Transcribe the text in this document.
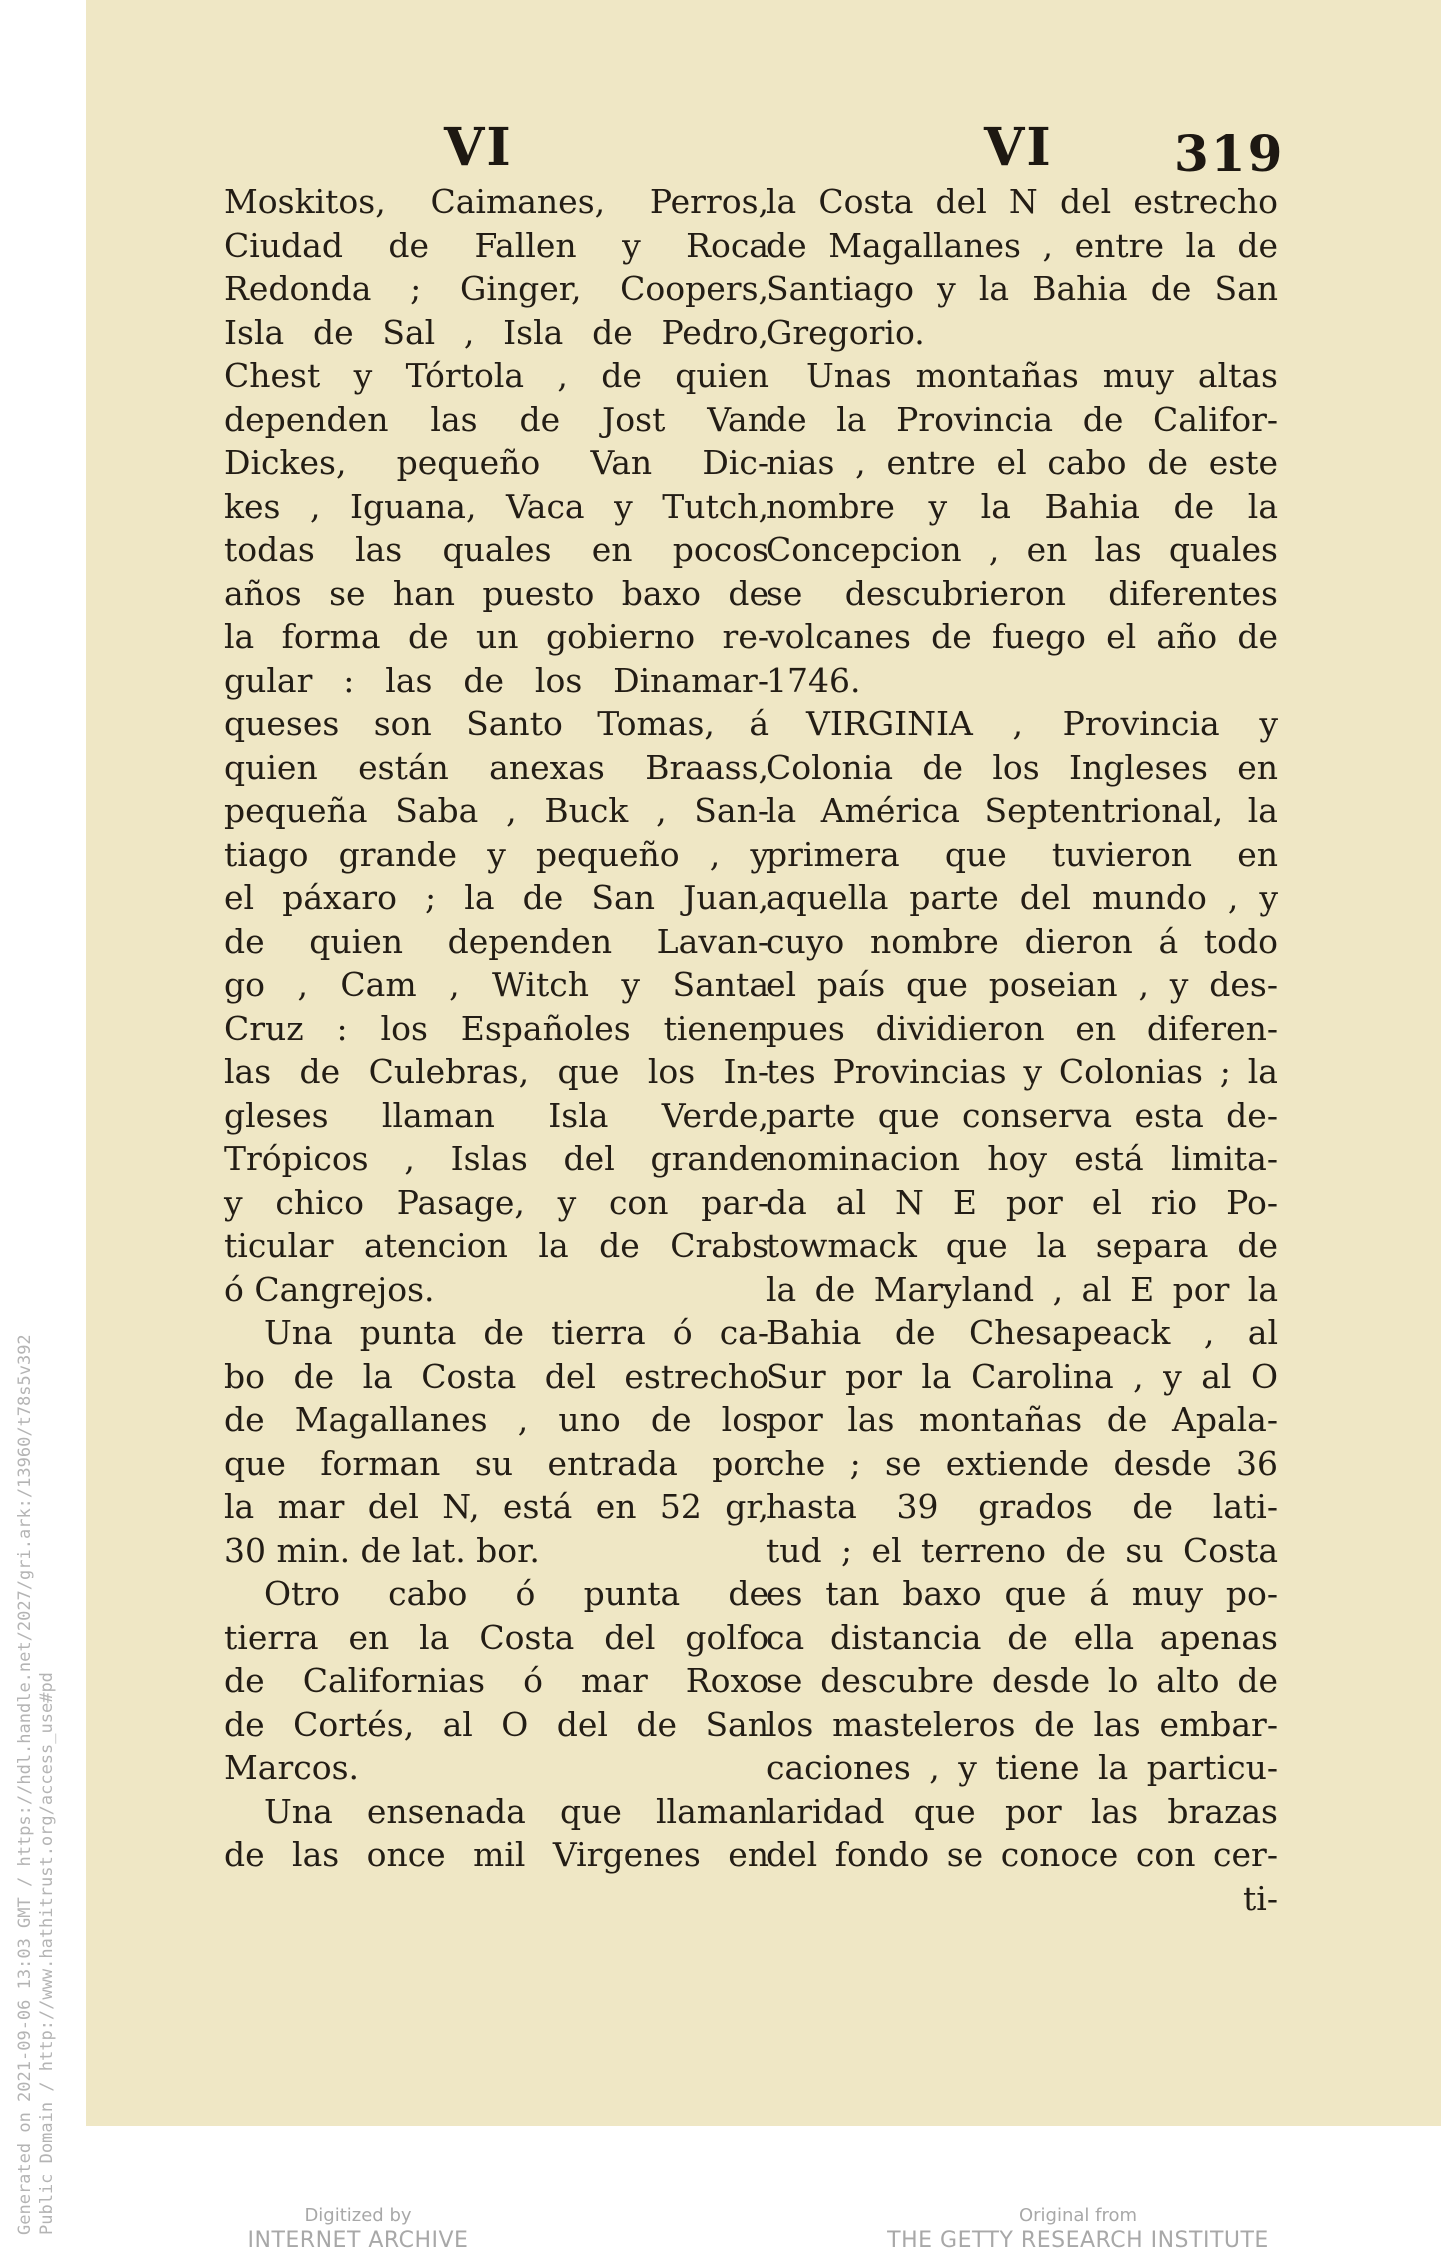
Generated on 2021-09-06 13:03 GMT / https://hdl.handle.net/2027/gri.ark:/13960/t78s5v392 Public Domain / http://www.hathitrust.org/access_use#pd
VI	VI 319
Moskitos, Caimanes, Perros,
Ciudad de Fallen y Roca
Redonda ; Ginger, Coopers,
Isla de Sal , Isla de Pedro,
Chest y Tórtola , de quien
dependen las de Jost Van
Dickes, pequeño Van Dic-
kes , Iguana, Vaca y Tutch,
todas las quales en pocos
años se han puesto baxo de
la forma de un gobierno re-
gular : las de los Dinamar-
queses son Santo Tomas, á
quien están anexas Braass,
pequeña Saba , Buck , San-
tiago grande y pequeño , y
el páxaro ; la de San Juan,
de quien dependen Lavan-
go , Cam , Witch y Santa
Cruz : los Españoles tienen
las de Culebras, que los In-
gleses llaman Isla Verde,
Trópicos , Islas del grande
y chico Pasage, y con par-
ticular atencion la de Crabs
ó Cangrejos.
Una punta de tierra ó ca-
bo de la Costa del estrecho
de Magallanes , uno de los
que forman su entrada por
la mar del N, está en 52 gr,
30 min. de lat. bor.
Otro cabo ó punta de
tierra en la Costa del golfo
de Californias ó mar Roxo
de Cortés, al O del de San
Marcos.
Una ensenada que llaman
de las once mil Virgenes en
la Costa del N del estrecho
de Magallanes , entre la de
Santiago y la Bahia de San
Gregorio.
Unas montañas muy altas
de la Provincia de Califor-
nias , entre el cabo de este
nombre y la Bahia de la
Concepcion , en las quales
se descubrieron diferentes
volcanes de fuego el año de
1746.
VIRGINIA , Provincia y
Colonia de los Ingleses en
la América Septentrional, la
primera que tuvieron en
aquella parte del mundo , y
cuyo nombre dieron á todo
el país que poseian , y des-
pues dividieron en diferen-
tes Provincias y Colonias ; la
parte que conserva esta de-
nominacion hoy está limita-
da al N E por el rio Po-
towmack que la separa de
la de Maryland , al E por la
Bahia de Chesapeack , al
Sur por la Carolina , y al O
por las montañas de Apala-
che ; se extiende desde 36
hasta 39 grados de lati-
tud ; el terreno de su Costa
es tan baxo que á muy po-
ca distancia de ella apenas
se descubre desde lo alto de
los masteleros de las embar-
caciones , y tiene la particu-
laridad que por las brazas
del fondo se conoce con cer-
ti-
Digitized by
INTERNET ARCHIVE
Original from
THE GETTY RESEARCH INSTITUTE
